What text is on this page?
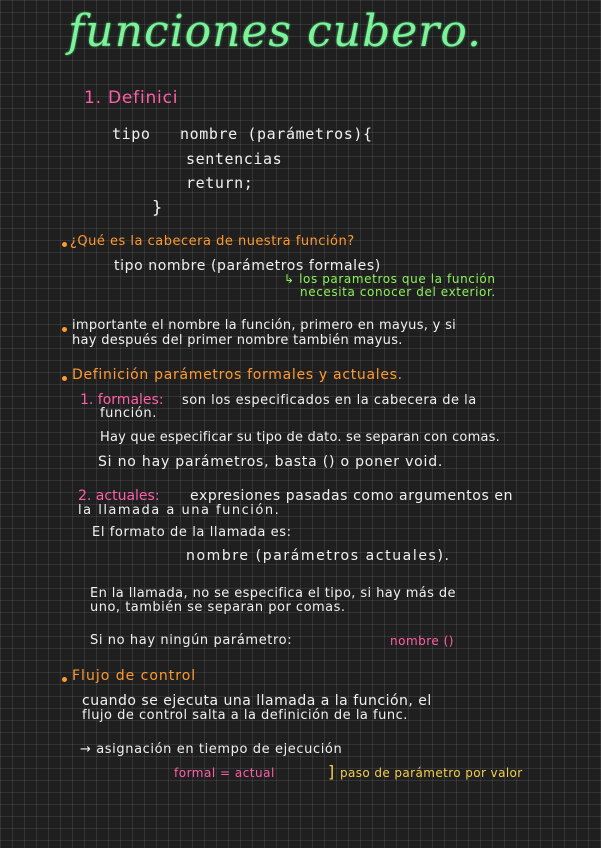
funciones cubero.
1. Definici
tipo nombre (parámetros){
sentencias
return;
}
¿Qué es la cabecera de nuestra función?
tipo nombre (parámetros formales)
↳ los parametros que la función
necesita conocer del exterior.
importante el nombre la función, primero en mayus, y si
hay después del primer nombre también mayus.
Definición parámetros formales y actuales.
1. formales: son los especificados en la cabecera de la
función.
Hay que especificar su tipo de dato. se separan con comas.
Si no hay parámetros, basta () o poner void.
2. actuales: expresiones pasadas como argumentos en
la llamada a una función.
El formato de la llamada es:
nombre (parámetros actuales).
En la llamada, no se especifica el tipo, si hay más de
uno, también se separan por comas.
Si no hay ningún parámetro:	nombre ()
Flujo de control
cuando se ejecuta una llamada a la función, el
flujo de control salta a la definición de la func.
→ asignación en tiempo de ejecución
formal = actual	] paso de parámetro por valor
